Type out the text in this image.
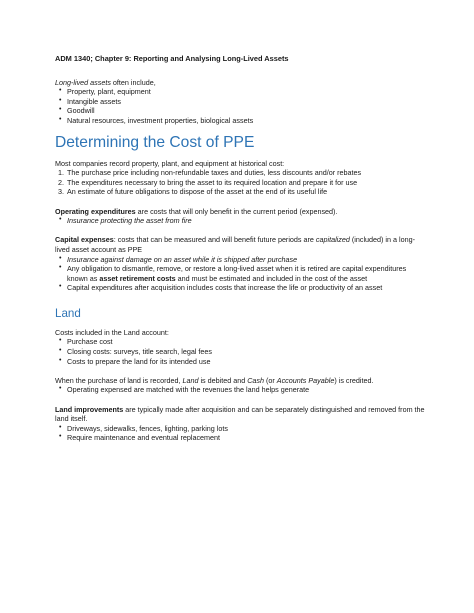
ADM 1340; Chapter 9: Reporting and Analysing Long-Lived Assets

Long-lived assets often include,

• Property, plant, equipment
• Intangible assets
• Goodwill
• Natural resources, investment properties, biological assets
Determining the Cost of PPE

Most companies record property, plant, and equipment at historical cost:

1. The purchase price including non-refundable taxes and duties, less discounts and/or rebates
2. The expenditures necessary to bring the asset to its required location and prepare it for use
3. An estimate of future obligations to dispose of the asset at the end of its useful life

Operating expenditures are costs that will only benefit in the current period (expensed).

• Insurance protecting the asset from fire

Capital expenses: costs that can be measured and will benefit future periods are capitalized (included) in a long-lived asset account as PPE

• Insurance against damage on an asset while it is shipped after purchase
• Any obligation to dismantle, remove, or restore a long-lived asset when it is retired are capital expenditures known as asset retirement costs and must be estimated and included in the cost of the asset
• Capital expenditures after acquisition includes costs that increase the life or productivity of an asset
Land

Costs included in the Land account:

• Purchase cost
• Closing costs: surveys, title search, legal fees
• Costs to prepare the land for its intended use

When the purchase of land is recorded, Land is debited and Cash (or Accounts Payable) is credited.

• Operating expensed are matched with the revenues the land helps generate

Land improvements are typically made after acquisition and can be separately distinguished and removed from the land itself.

• Driveways, sidewalks, fences, lighting, parking lots
• Require maintenance and eventual replacement
